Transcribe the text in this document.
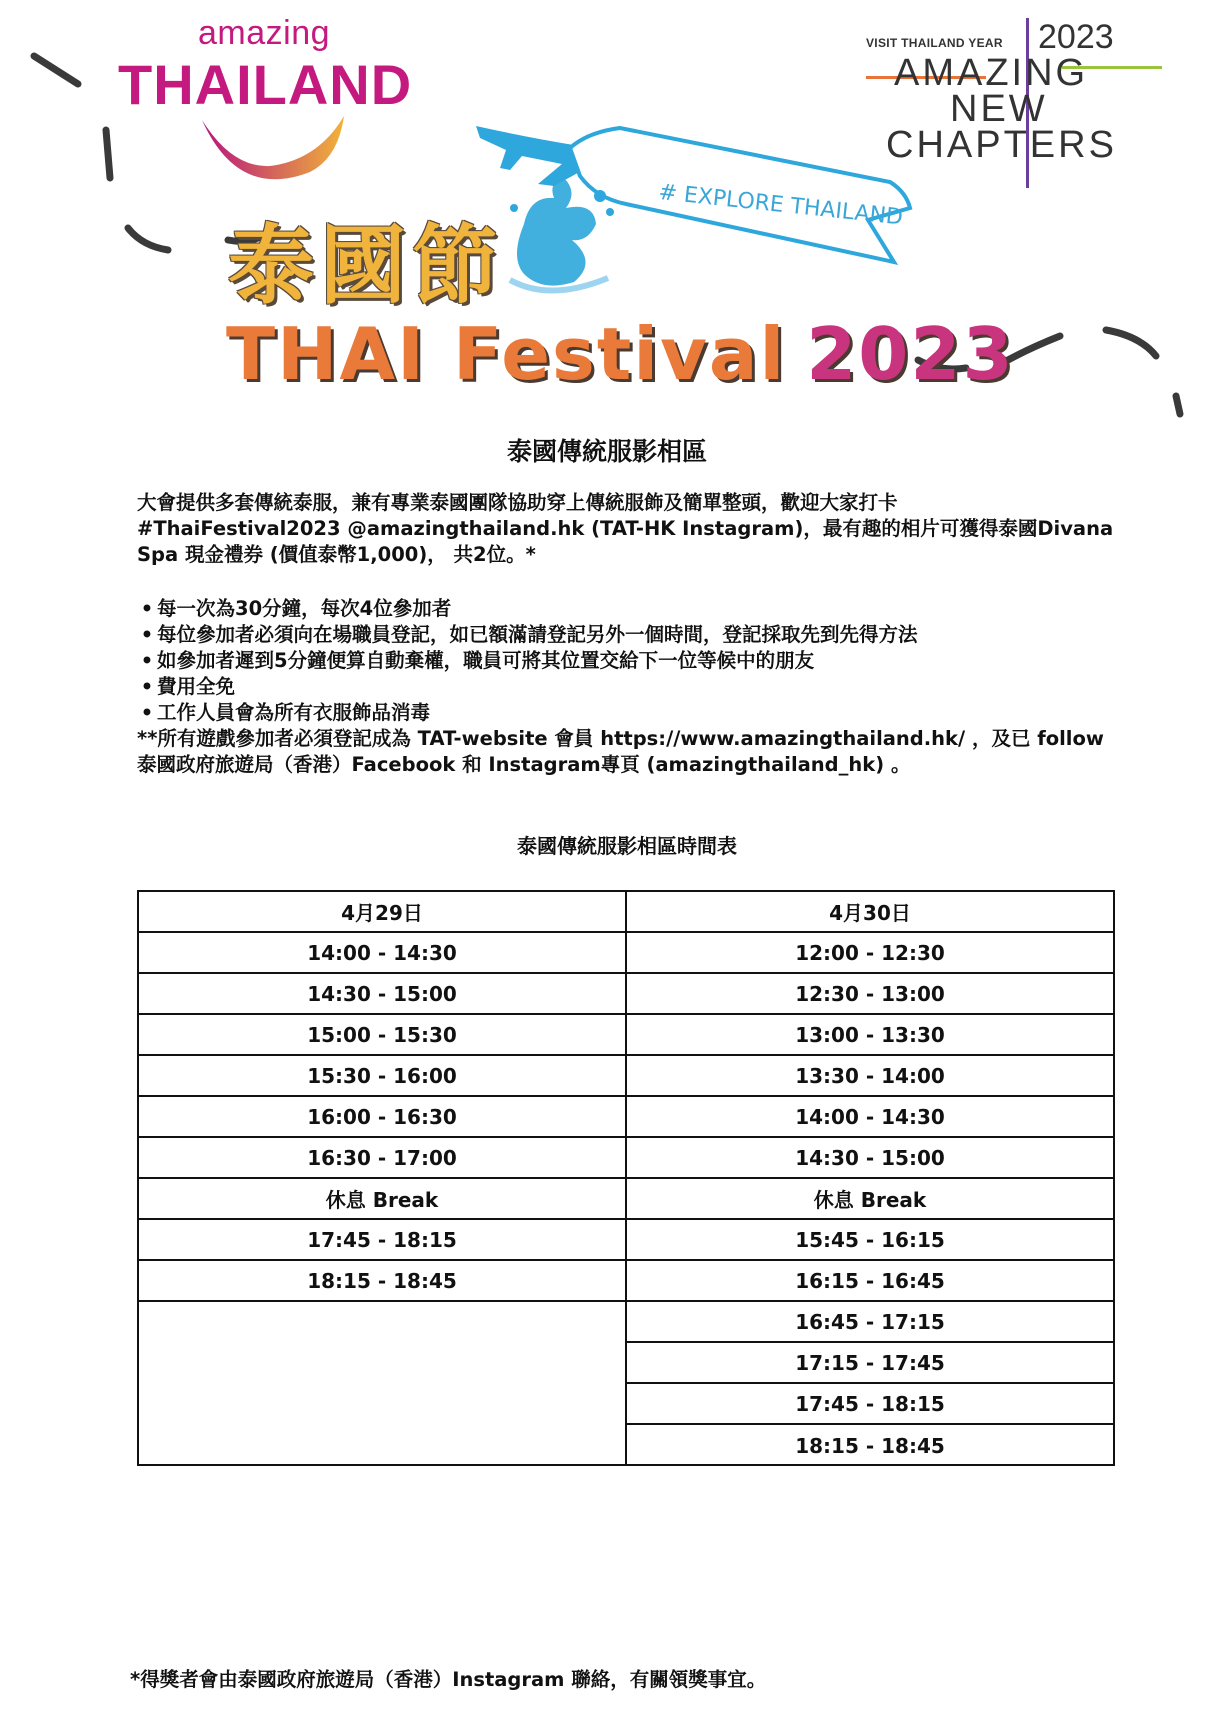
amazing
THAILAND
VISIT THAILAND YEAR 2023
AMAZING
NEW
CHAPTERS
# EXPLORE THAILAND
泰國節
THAI Festival 2023
泰國傳統服影相區
大會提供多套傳統泰服，兼有專業泰國團隊協助穿上傳統服飾及簡單整頭，歡迎大家打卡
#ThaiFestival2023 @amazingthailand.hk (TAT-HK Instagram)，最有趣的相片可獲得泰國Divana
Spa 現金禮券 (價值泰幣1,000)， 共2位。*
• 每一次為30分鐘，每次4位參加者
• 每位參加者必須向在場職員登記，如已額滿請登記另外一個時間，登記採取先到先得方法
• 如參加者遲到5分鐘便算自動棄權，職員可將其位置交給下一位等候中的朋友
• 費用全免
• 工作人員會為所有衣服飾品消毒
**所有遊戲參加者必須登記成為 TAT-website 會員 https://www.amazingthailand.hk/ ，及已 follow
泰國政府旅遊局（香港）Facebook 和 Instagram專頁 (amazingthailand_hk) 。
泰國傳統服影相區時間表
4月29日
14:00 - 14:30
14:30 - 15:00
15:00 - 15:30
15:30 - 16:00
16:00 - 16:30
16:30 - 17:00
休息 Break
17:45 - 18:15
18:15 - 18:45
4月30日
12:00 - 12:30
12:30 - 13:00
13:00 - 13:30
13:30 - 14:00
14:00 - 14:30
14:30 - 15:00
休息 Break
15:45 - 16:15
16:15 - 16:45
16:45 - 17:15
17:15 - 17:45
17:45 - 18:15
18:15 - 18:45
*得獎者會由泰國政府旅遊局（香港）Instagram 聯絡，有關領獎事宜。
